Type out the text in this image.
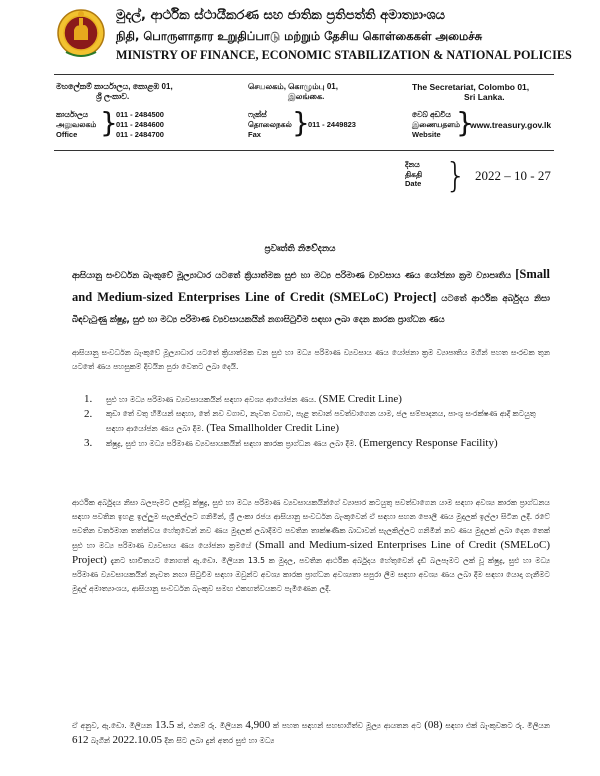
මුදල්, ආර්ථික ස්ථායීකරණ සහ ජාතික ප්‍රතිපත්ති අමාත්‍යාංශය
நிதி, பொருளாதார உறுதிப்பாடு மற்றும் தேசிய கொள்கைகள் அமைச்சு
MINISTRY OF FINANCE, ECONOMIC STABILIZATION & NATIONAL POLICIES
මහලේකම් කාර්යාලය, කොළඹ 01,
ශ්‍රී ලංකාව.
செயலகம், கொழும்பு 01,
இலங்கை.
The Secretariat, Colombo 01,
Sri Lanka.
කාර්යාලය
அலுவலகம்
Office }
011 - 2484500
011 - 2484600
011 - 2484700
ෆැක්ස්
தொலைநகல்
Fax	}
011 - 2449823
වෙබ් අඩවිය
இணையதளம்
Website }
www.treasury.gov.lk
දිනය
திகதி
Date } 2022 – 10 - 27
ප්‍රවෘත්ති නිවේදනය
ආසියානු සංවර්ධන බැංකුවේ මූල්‍යාධාර යටතේ ක්‍රියාත්මක සුළු හා මධ්‍ය පරිමාණ ව්‍යවසාය ණය යෝජනා ක්‍රම ව්‍යාපෘතිය [Small and Medium-sized Enterprises Line of Credit (SMELoC) Project] යටතේ ආර්ථික අර්බුදය නිසා බිඳවැටුණු ක්ෂුද්‍ර, සුළු හා මධ්‍ය පරිමාණ ව්‍යවසායකයින් නගාසිටුවීම සඳහා ලබා දෙන කාරක ප්‍රාග්ධන ණය
ආසියානු සංවර්ධන බැංකුවේ මූල්‍යාධාර යටතේ ක්‍රියාත්මක වන සුළු හා මධ්‍ය පරිමාණ ව්‍යවසාය ණය යෝජනා ක්‍රම ව්‍යාපෘතිය මගින් පහත සංරචක තුන යටතේ ණය පහසුකම් දිවයින පුරා වෙතට ලබා දෙයි.
1. සුළු හා මධ්‍ය පරිමාණ ව්‍යවසායකයින් සඳහා අවශ්‍ය ආයෝජන ණය. (SME Credit Line)
2. කුඩා තේ වතු හිමියන් සඳහා, තේ නව වගාව, නැවත වගාව, පැළ තවාන් පවත්වාගෙන යාම, ජල සම්පාදනය, පාංශු සංරක්ෂණ ආදී කටයුතු සඳහා ආයෝජන ණය ලබා දීම. (Tea Smallholder Credit Line)
3. ක්ෂුද්‍ර, සුළු හා මධ්‍ය පරිමාණ ව්‍යවසායකයින් සඳහා කාරක ප්‍රාග්ධන ණය ලබා දීම. (Emergency Response Facility)
ආර්ථික අර්බුදය නිසා බලපෑමට ලක්වූ ක්ෂුද්‍ර, සුළු හා මධ්‍ය පරිමාණ ව්‍යවසායකයින්ගේ ව්‍යාපාර කටයුතු පවත්වාගෙන යාම සඳහා අවශ්‍ය කාරක ප්‍රාග්ධනය සඳහා පවතින ඉහළ ඉල්ලුම සැලකිල්ලට ගනිමින්, ශ්‍රී ලංකා රජය ආසියානු සංවර්ධන බැංකුවෙන් ඒ සඳහා සහන පොලී ණය මුදලක් ඉල්ලා සිටින ලදී. රටේ පවතින වර්තමාන තත්ත්වය හේතුවෙන් නව ණය මුදලක් ලබාදීමට පවතින තාක්ෂණික බාධාවන් සැලකිල්ලට ගනිමින් නව ණය මුදලක් ලබා දෙන තෙක් සුළු හා මධ්‍ය පරිමාණ ව්‍යවසාය ණය යෝජනා ක්‍රමයේ (Small and Medium-sized Enterprises Line of Credit (SMELoC) Project) දැනට භාවිතයට නොගත් ඇ.ඩො. මිලියන 13.5 ක මුදල, පවතින ආර්ථික අර්බුදය හේතුවෙන් දැඩි බලපෑමට ලක් වූ ක්ෂුද්‍ර, සුළු හා මධ්‍ය පරිමාණ ව්‍යවසායකයින් නැවත නඟා සිටුවීම සඳහා ඔවුන්ට අවශ්‍ය කාරක ප්‍රාග්ධන අවශ්‍යතා සපුරා ලීම සඳහා අවශ්‍ය ණය ලබා දීම සඳහා යොදා ගැනීමට මුදල් අමාත්‍යාංශය, ආසියානු සංවර්ධන බැංකුව සමඟ එකඟත්වයකට පැමිණෙන ලදී.
ඒ අනුව, ඇ.ඩො. මිලියන 13.5 ක්, එනම් රු. මිලියන 4,900 ක් පහත සඳහන් සහභාගිත්ව මූල්‍ය ආයතන අට (08) සඳහා එක් බැංකුවකට රු. මිලියන 612 බැගින් 2022.10.05 දින සිට ලබා දුන් අතර සුළු හා මධ්‍ය
